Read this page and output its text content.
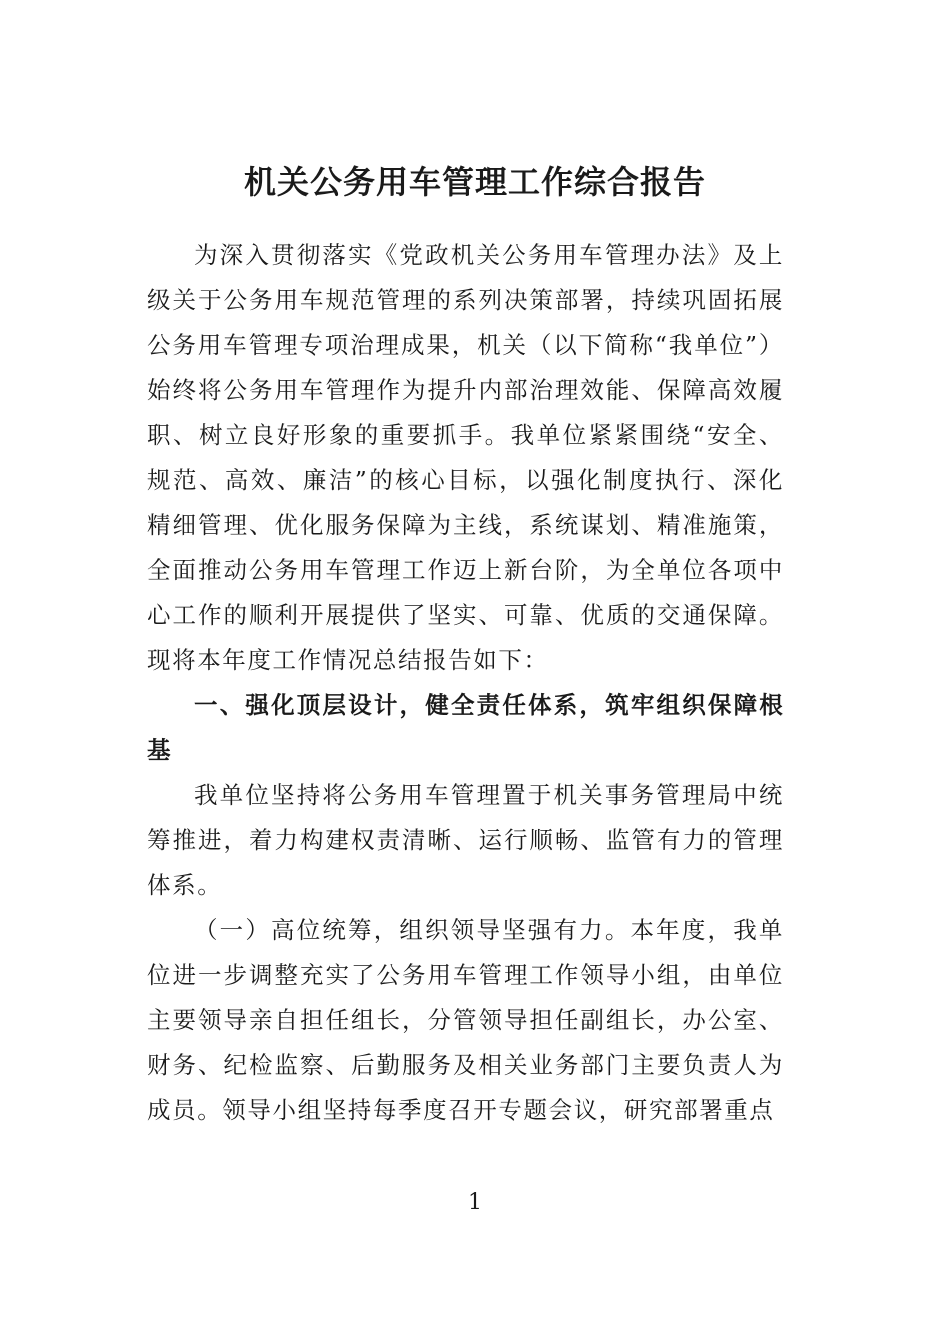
机关公务用车管理工作综合报告

为深入贯彻落实《党政机关公务用车管理办法》及上级关于公务用车规范管理的系列决策部署，持续巩固拓展公务用车管理专项治理成果，机关（以下简称“我单位”）始终将公务用车管理作为提升内部治理效能、保障高效履职、树立良好形象的重要抓手。我单位紧紧围绕“安全、规范、高效、廉洁”的核心目标，以强化制度执行、深化精细管理、优化服务保障为主线，系统谋划、精准施策，全面推动公务用车管理工作迈上新台阶，为全单位各项中心工作的顺利开展提供了坚实、可靠、优质的交通保障。现将本年度工作情况总结报告如下：

一、强化顶层设计，健全责任体系，筑牢组织保障根基

我单位坚持将公务用车管理置于机关事务管理局中统筹推进，着力构建权责清晰、运行顺畅、监管有力的管理体系。

（一）高位统筹，组织领导坚强有力。本年度，我单位进一步调整充实了公务用车管理工作领导小组，由单位主要领导亲自担任组长，分管领导担任副组长，办公室、财务、纪检监察、后勤服务及相关业务部门主要负责人为成员。领导小组坚持每季度召开专题会议，研究部署重点

1
